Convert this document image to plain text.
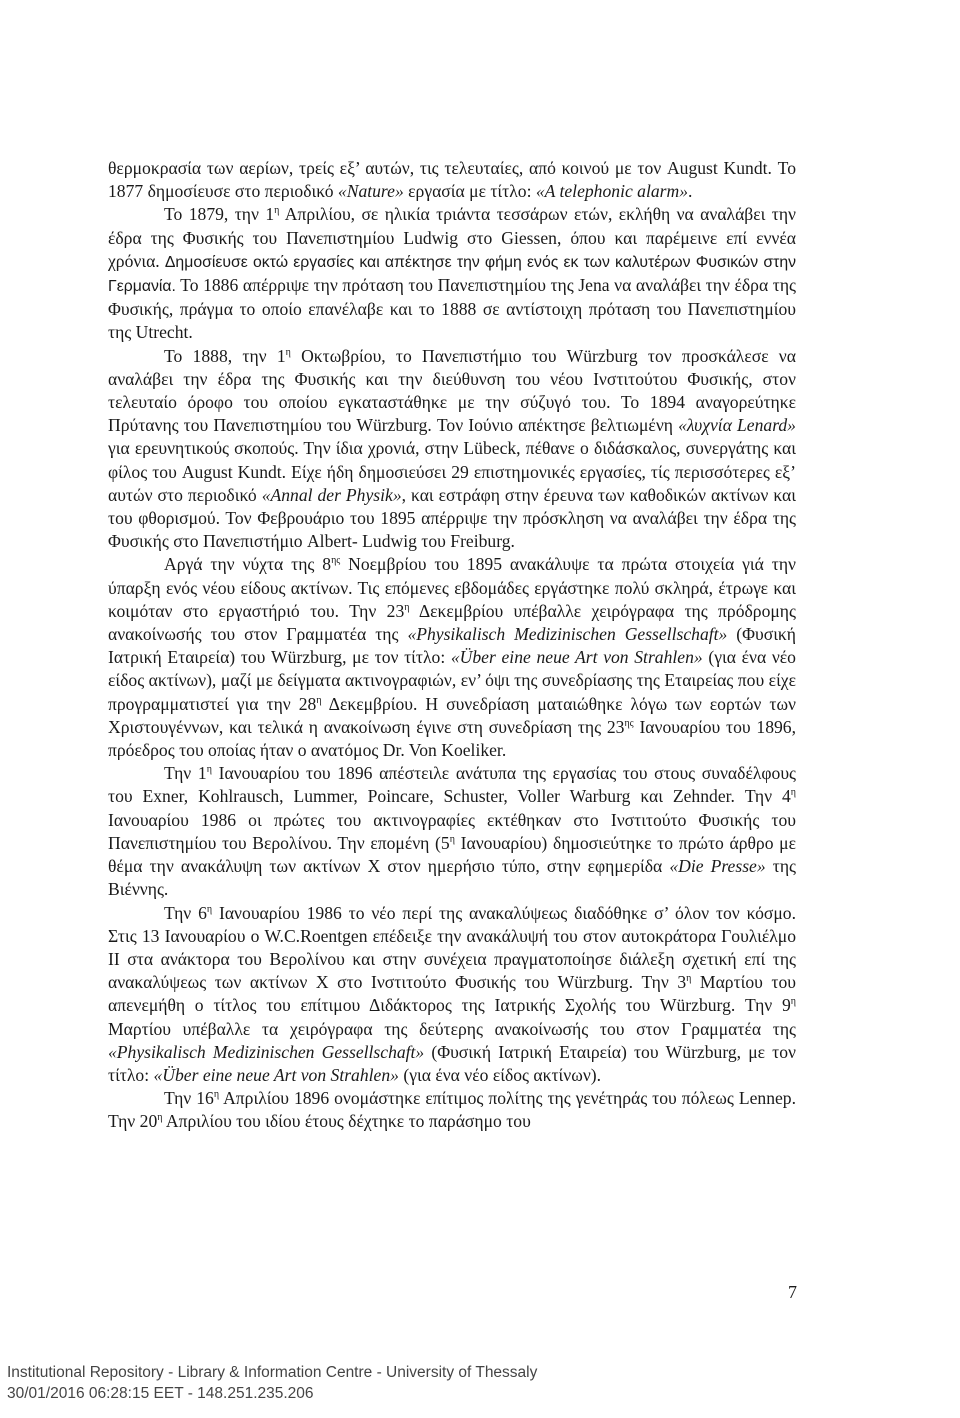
θερμοκρασία των αερίων, τρείς εξ’ αυτών, τις τελευταίες, από κοινού με τον August Kundt. Το 1877 δημοσίευσε στο περιοδικό «Nature» εργασία με τίτλο: «A telephonic alarm».

Το 1879, την $1^\eta$ Απριλίου, σε ηλικία τριάντα τεσσάρων ετών, εκλήθη να αναλάβει την έδρα της Φυσικής του Πανεπιστημίου Ludwig στο Giessen, όπου και παρέμεινε επί εννέα χρόνια. Δημοσίευσε οκτώ εργασίες και απέκτησε την φήμη ενός εκ των καλυτέρων Φυσικών στην Γερμανία. Το 1886 απέρριψε την πρόταση του Πανεπιστημίου της Jena να αναλάβει την έδρα της Φυσικής, πράγμα το οποίο επανέλαβε και το 1888 σε αντίστοιχη πρόταση του Πανεπιστημίου της Utrecht.

Το 1888, την $1^\eta$ Οκτωβρίου, το Πανεπιστήμιο του Würzburg τον προσκάλεσε να αναλάβει την έδρα της Φυσικής και την διεύθυνση του νέου Ινστιτούτου Φυσικής, στον τελευταίο όροφο του οποίου εγκαταστάθηκε με την σύζυγό του. Το 1894 αναγορεύτηκε Πρύτανης του Πανεπιστημίου του Würzburg. Τον Ιούνιο απέκτησε βελτιωμένη «λυχνία Lenard» για ερευνητικούς σκοπούς. Την ίδια χρονιά, στην Lübeck, πέθανε ο διδάσκαλος, συνεργάτης και φίλος του August Kundt. Είχε ήδη δημοσιεύσει 29 επιστημονικές εργασίες, τίς περισσότερες εξ’ αυτών στο περιοδικό «Annal der Physik», και εστράφη στην έρευνα των καθοδικών ακτίνων και του φθορισμού. Τον Φεβρουάριο του 1895 απέρριψε την πρόσκληση να αναλάβει την έδρα της Φυσικής στο Πανεπιστήμιο Albert- Ludwig του Freiburg.

Αργά την νύχτα της $8^{\eta\varsigma}$ Νοεμβρίου του 1895 ανακάλυψε τα πρώτα στοιχεία γιά την ύπαρξη ενός νέου είδους ακτίνων. Τις επόμενες εβδομάδες εργάστηκε πολύ σκληρά, έτρωγε και κοιμόταν στο εργαστήριό του. Την $23^\eta$ Δεκεμβρίου υπέβαλλε χειρόγραφα της πρόδρομης ανακοίνωσής του στον Γραμματέα της «Physikalisch Medizinischen Gessellschaft» (Φυσική Ιατρική Εταιρεία) του Würzburg, με τον τίτλο: «Über eine neue Art von Strahlen» (για ένα νέο είδος ακτίνων), μαζί με δείγματα ακτινογραφιών, εν’ όψι της συνεδρίασης της Εταιρείας που είχε προγραμματιστεί για την $28^\eta$ Δεκεμβρίου. Η συνεδρίαση ματαιώθηκε λόγω των εορτών των Χριστουγέννων, και τελικά η ανακοίνωση έγινε στη συνεδρίαση της $23^{\eta\varsigma}$ Ιανουαρίου του 1896, πρόεδρος του οποίας ήταν ο ανατόμος Dr. Von Koeliker.

Την $1^\eta$ Ιανουαρίου του 1896 απέστειλε ανάτυπα της εργασίας του στους συναδέλφους του Exner, Kohlrausch, Lummer, Poincare, Schuster, Voller Warburg και Zehnder. Την $4^\eta$ Ιανουαρίου 1986 οι πρώτες του ακτινογραφίες εκτέθηκαν στο Ινστιτούτο Φυσικής του Πανεπιστημίου του Βερολίνου. Την επομένη ($5^\eta$ Ιανουαρίου) δημοσιεύτηκε το πρώτο άρθρο με θέμα την ανακάλυψη των ακτίνων X στον ημερήσιο τύπο, στην εφημερίδα «Die Presse» της Βιέννης.

Την $6^\eta$ Ιανουαρίου 1986 το νέο περί της ανακαλύψεως διαδόθηκε σ’ όλον τον κόσμο. Στις 13 Ιανουαρίου ο W.C.Roentgen επέδειξε την ανακάλυψή του στον αυτοκράτορα Γουλιέλμο ΙΙ στα ανάκτορα του Βερολίνου και στην συνέχεια πραγματοποίησε διάλεξη σχετική επί της ανακαλύψεως των ακτίνων X στο Ινστιτούτο Φυσικής του Würzburg. Την $3^\eta$ Μαρτίου του απενεμήθη ο τίτλος του επίτιμου Διδάκτορος της Ιατρικής Σχολής του Würzburg. Την $9^\eta$ Μαρτίου υπέβαλλε τα χειρόγραφα της δεύτερης ανακοίνωσής του στον Γραμματέα της «Physikalisch Medizinischen Gessellschaft» (Φυσική Ιατρική Εταιρεία) του Würzburg, με τον τίτλο: «Über eine neue Art von Strahlen» (για ένα νέο είδος ακτίνων).

Την $16^\eta$ Απριλίου 1896 ονομάστηκε επίτιμος πολίτης της γενέτηράς του πόλεως Lennep. Την $20^\eta$ Απριλίου του ιδίου έτους δέχτηκε το παράσημο του

7
Institutional Repository - Library & Information Centre - University of Thessaly
30/01/2016 06:28:15 EET - 148.251.235.206
